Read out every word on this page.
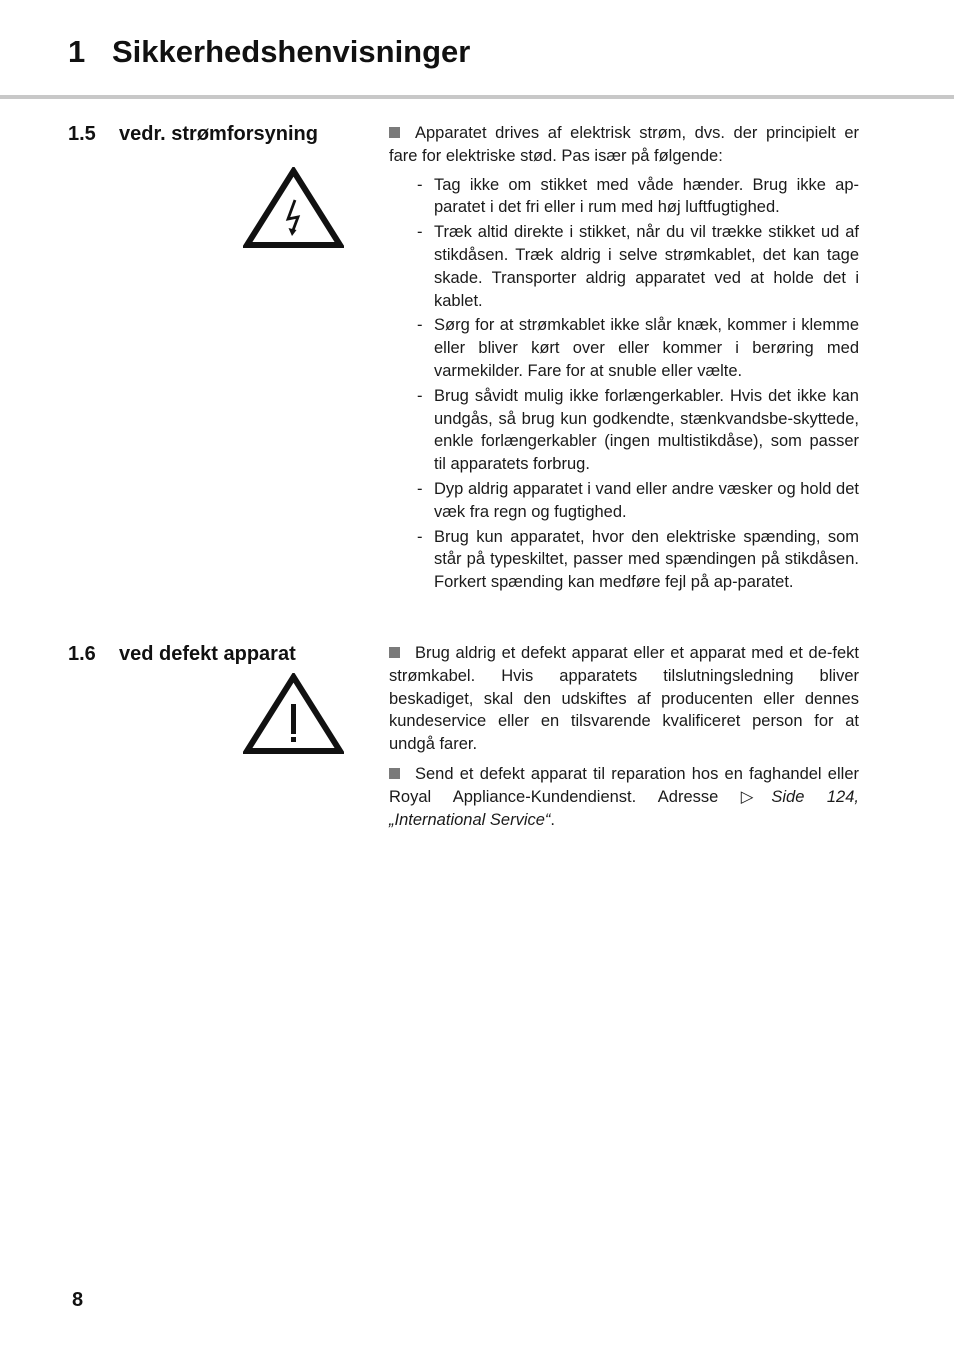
1 Sikkerhedshenvisninger
1.5 vedr. strømforsyning	Apparatet drives af elektrisk strøm, dvs. der principielt er fare for elektriske stød. Pas især på følgende:

- Tag ikke om stikket med våde hænder. Brug ikke ap-paratet i det fri eller i rum med høj luftfugtighed.
- Træk altid direkte i stikket, når du vil trække stikket ud af stikdåsen. Træk aldrig i selve strømkablet, det kan tage skade. Transporter aldrig apparatet ved at holde det i kablet.
- Sørg for at strømkablet ikke slår knæk, kommer i klemme eller bliver kørt over eller kommer i berøring med varmekilder. Fare for at snuble eller vælte.
- Brug såvidt mulig ikke forlængerkabler. Hvis det ikke kan undgås, så brug kun godkendte, stænkvandsbe-skyttede, enkle forlængerkabler (ingen multistikdåse), som passer til apparatets forbrug.
- Dyp aldrig apparatet i vand eller andre væsker og hold det væk fra regn og fugtighed.
- Brug kun apparatet, hvor den elektriske spænding, som står på typeskiltet, passer med spændingen på stikdåsen. Forkert spænding kan medføre fejl på ap-paratet.
1.6 ved defekt apparat	Brug aldrig et defekt apparat eller et apparat med et de-fekt strømkabel. Hvis apparatets tilslutningsledning bliver beskadiget, skal den udskiftes af producenten eller dennes kundeservice eller en tilsvarende kvalificeret person for at undgå farer.

Send et defekt apparat til reparation hos en faghandel eller Royal Appliance-Kundendienst. Adresse ▷Side 124, „International Service“.

8
